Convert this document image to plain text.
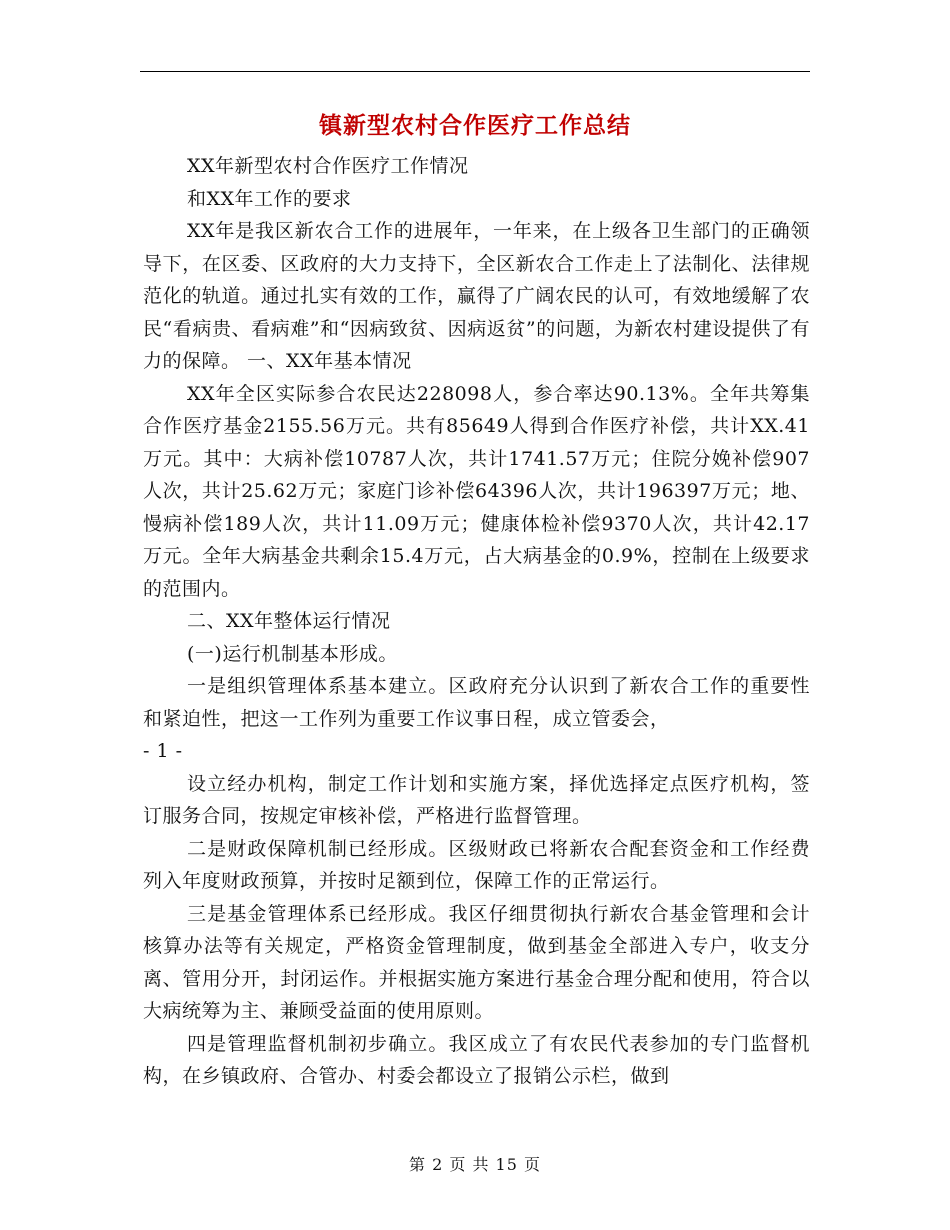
镇新型农村合作医疗工作总结

XX年新型农村合作医疗工作情况

和XX年工作的要求

XX年是我区新农合工作的进展年，一年来，在上级各卫生部门的正确领导下，在区委、区政府的大力支持下，全区新农合工作走上了法制化、法律规范化的轨道。通过扎实有效的工作，赢得了广阔农民的认可，有效地缓解了农民“看病贵、看病难”和“因病致贫、因病返贫”的问题，为新农村建设提供了有力的保障。 一、XX年基本情况

XX年全区实际参合农民达228098人，参合率达90.13%。全年共筹集合作医疗基金2155.56万元。共有85649人得到合作医疗补偿，共计XX.41万元。其中：大病补偿10787人次，共计1741.57万元；住院分娩补偿907人次，共计25.62万元；家庭门诊补偿64396人次，共计196397万元；地、慢病补偿189人次，共计11.09万元；健康体检补偿9370人次，共计42.17万元。全年大病基金共剩余15.4万元，占大病基金的0.9%，控制在上级要求的范围内。

二、XX年整体运行情况

(一)运行机制基本形成。

一是组织管理体系基本建立。区政府充分认识到了新农合工作的重要性和紧迫性，把这一工作列为重要工作议事日程，成立管委会，

- 1 -

设立经办机构，制定工作计划和实施方案，择优选择定点医疗机构，签订服务合同，按规定审核补偿，严格进行监督管理。

二是财政保障机制已经形成。区级财政已将新农合配套资金和工作经费列入年度财政预算，并按时足额到位，保障工作的正常运行。

三是基金管理体系已经形成。我区仔细贯彻执行新农合基金管理和会计核算办法等有关规定，严格资金管理制度，做到基金全部进入专户，收支分离、管用分开，封闭运作。并根据实施方案进行基金合理分配和使用，符合以大病统筹为主、兼顾受益面的使用原则。

四是管理监督机制初步确立。我区成立了有农民代表参加的专门监督机构，在乡镇政府、合管办、村委会都设立了报销公示栏，做到

第 2 页 共 15 页
